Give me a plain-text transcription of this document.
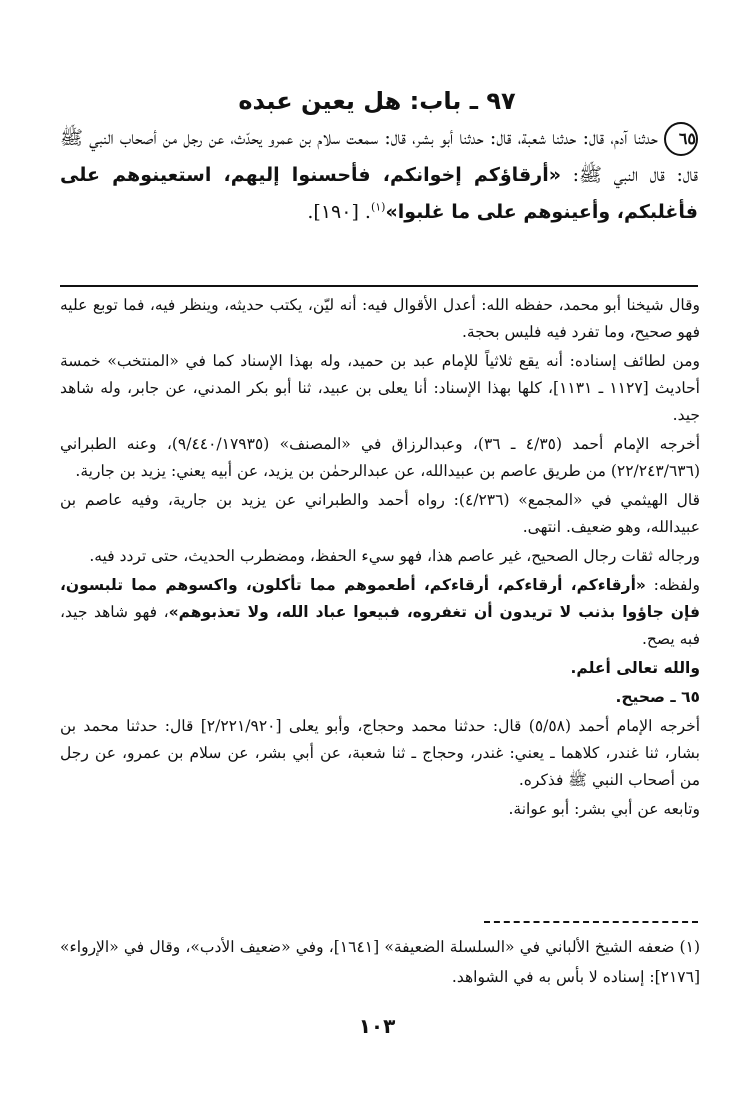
٩٧ ـ باب: هل يعين عبده
٦٥حدثنا آدم، قال: حدثنا شعبة، قال: حدثنا أبو بشر، قال: سمعت سلام بن عمرو يحدّث، عن رجل من أصحاب النبي ﷺ قال: قال النبي ﷺ: «أرقاؤكم إخوانكم، فأحسنوا إليهم، استعينوهم على فأغلبكم، وأعينوهم على ما غلبوا»$^{(١)}$. [١٩٠].

وقال شيخنا أبو محمد، حفظه الله: أعدل الأقوال فيه: أنه ليّن، يكتب حديثه، وينظر فيه، فما توبع عليه فهو صحيح، وما تفرد فيه فليس بحجة.

ومن لطائف إسناده: أنه يقع ثلاثياً للإمام عبد بن حميد، وله بهذا الإسناد كما في «المنتخب» خمسة أحاديث [١١٢٧ ـ ١١٣١]، كلها بهذا الإسناد: أنا يعلى بن عبيد، ثنا أبو بكر المدني، عن جابر، وله شاهد جيد.

أخرجه الإمام أحمد (٤/٣٥ ـ ٣٦)، وعبدالرزاق في «المصنف» (٩/٤٤٠/١٧٩٣٥)، وعنه الطبراني (٢٢/٢٤٣/٦٣٦) من طريق عاصم بن عبيدالله، عن عبدالرحمٰن بن يزيد، عن أبيه يعني: يزيد بن جارية.

قال الهيثمي في «المجمع» (٤/٢٣٦): رواه أحمد والطبراني عن يزيد بن جارية، وفيه عاصم بن عبيدالله، وهو ضعيف. انتهى.

ورجاله ثقات رجال الصحيح، غير عاصم هذا، فهو سيء الحفظ، ومضطرب الحديث، حتى تردد فيه.

ولفظه: «أرقاءكم، أرقاءكم، أرقاءكم، أطعموهم مما تأكلون، واكسوهم مما تلبسون، فإن جاؤوا بذنب لا تريدون أن تغفروه، فبيعوا عباد الله، ولا تعذبوهم»، فهو شاهد جيد، فبه يصح.

والله تعالى أعلم.

٦٥ ـ صحيح.

أخرجه الإمام أحمد (٥/٥٨) قال: حدثنا محمد وحجاج، وأبو يعلى [٢/٢٢١/٩٢٠] قال: حدثنا محمد بن بشار، ثنا غندر، كلاهما ـ يعني: غندر، وحجاج ـ ثنا شعبة، عن أبي بشر، عن سلام بن عمرو، عن رجل من أصحاب النبي ﷺ فذكره.

وتابعه عن أبي بشر: أبو عوانة.

(١) ضعفه الشيخ الألباني في «السلسلة الضعيفة» [١٦٤١]، وفي «ضعيف الأدب»، وقال في «الإرواء» [٢١٧٦]: إسناده لا بأس به في الشواهد.

١٠٣
